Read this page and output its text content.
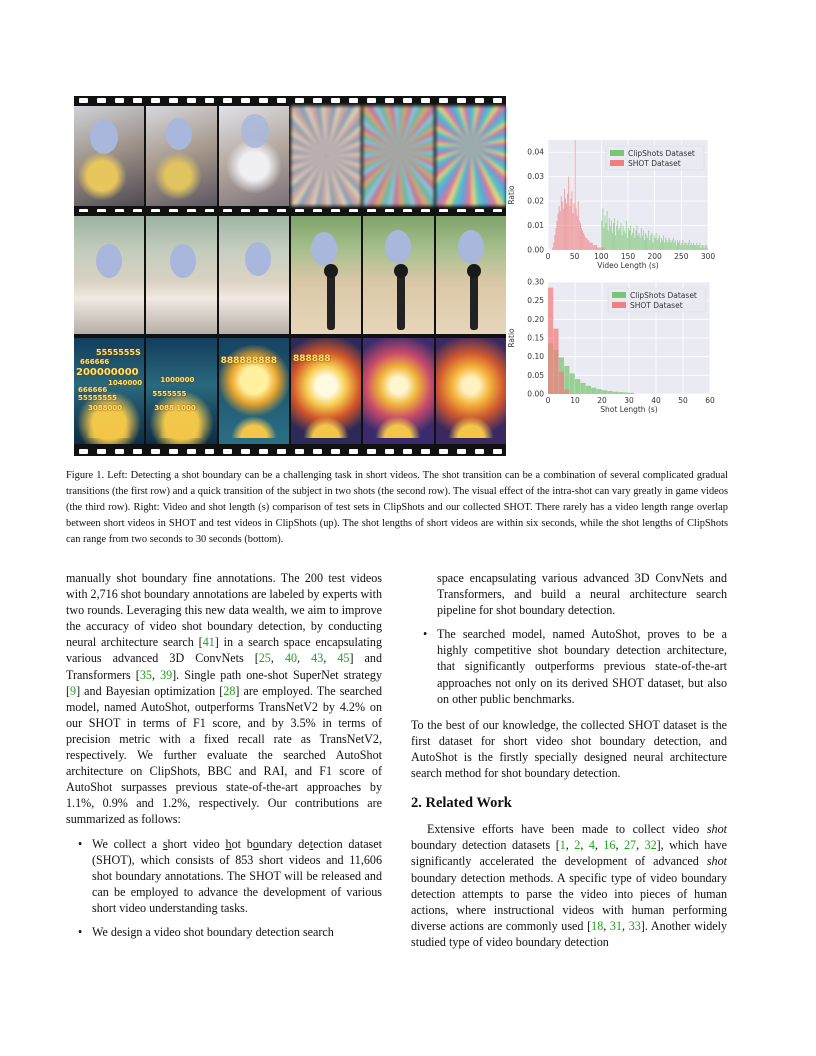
5555555S
666666
200000000
1040000
666666
55555555
3088000
1000000
5555555
3088 1000
888888888 888888
0.00
0.01
0.02
0.03
0.04
0	50 100 150 200 250 300
Video Length (s)
Ratio
ClipShots Dataset
SHOT Dataset
0.00
0.05
0.10
0.15
0.20
0.25
0.30
0	10 20 30 40 50 60
Shot Length (s)
Ratio
ClipShots Dataset
SHOT Dataset
Figure 1. Left: Detecting a shot boundary can be a challenging task in short videos. The shot transition can be a combination of several complicated gradual transitions (the first row) and a quick transition of the subject in two shots (the second row). The visual effect of the intra-shot can vary greatly in game videos (the third row). Right: Video and shot length (s) comparison of test sets in ClipShots and our collected SHOT. There rarely has a video length range overlap between short videos in SHOT and test videos in ClipShots (up). The shot lengths of short videos are within six seconds, while the shot lengths of ClipShots can range from two seconds to 30 seconds (bottom).

manually shot boundary fine annotations. The 200 test videos with 2,716 shot boundary annotations are labeled by experts with two rounds. Leveraging this new data wealth, we aim to improve the accuracy of video shot boundary detection, by conducting neural architecture search [41] in a search space encapsulating various advanced 3D ConvNets [25, 40, 43, 45] and Transformers [35, 39]. Single path one-shot SuperNet strategy [9] and Bayesian optimization [28] are employed. The searched model, named AutoShot, outperforms TransNetV2 by 4.2% on our SHOT in terms of F1 score, and by 3.5% in terms of precision metric with a fixed recall rate as TransNetV2, respectively. We further evaluate the searched AutoShot architecture on ClipShots, BBC and RAI, and F1 score of AutoShot surpasses previous state-of-the-art approaches by 1.1%, 0.9% and 1.2%, respectively. Our contributions are summarized as follows:

• We collect a short video hot boundary detection dataset (SHOT), which consists of 853 short videos and 11,606 shot boundary annotations. The SHOT will be released and can be employed to advance the development of various short video understanding tasks.
• We design a video shot boundary detection search
space encapsulating various advanced 3D ConvNets and Transformers, and build a neural architecture search pipeline for shot boundary detection.
• The searched model, named AutoShot, proves to be a highly competitive shot boundary detection architecture, that significantly outperforms previous state-of-the-art approaches not only on its derived SHOT dataset, but also on other public benchmarks.

To the best of our knowledge, the collected SHOT dataset is the first dataset for short video shot boundary detection, and AutoShot is the firstly specially designed neural architecture search method for shot boundary detection.

2. Related Work

Extensive efforts have been made to collect video shot boundary detection datasets [1, 2, 4, 16, 27, 32], which have significantly accelerated the development of advanced shot boundary detection methods. A specific type of video boundary detection attempts to parse the video into pieces of human actions, where instructional videos with human performing diverse actions are commonly used [18, 31, 33]. Another widely studied type of video boundary detection
